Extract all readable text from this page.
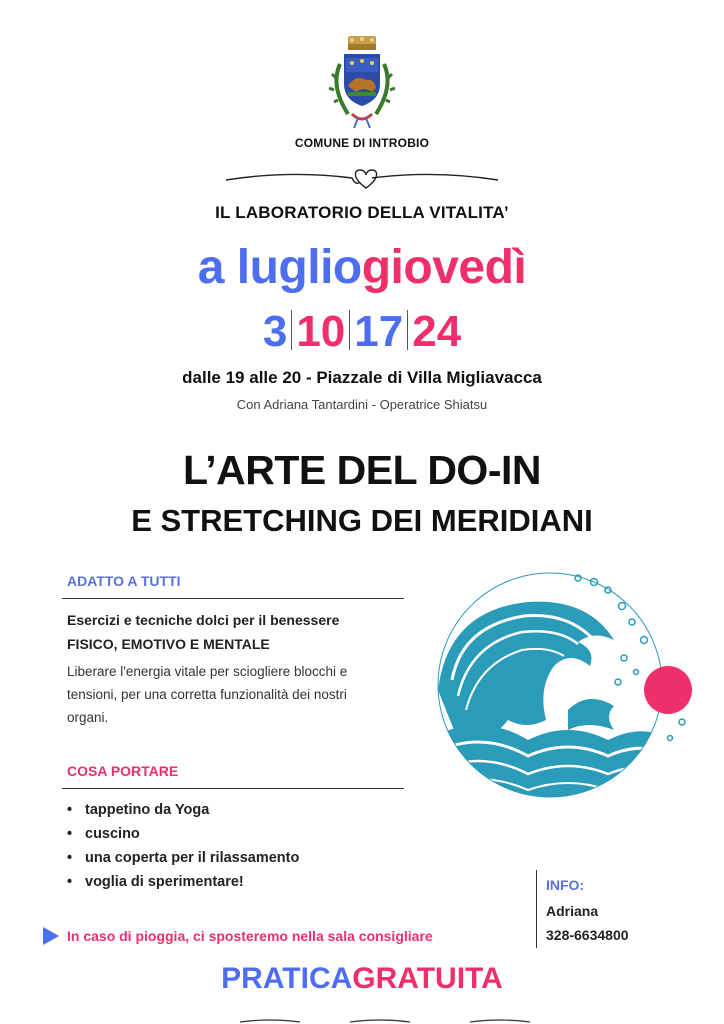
COMUNE DI INTROBIO
IL LABORATORIO DELLA VITALITA’
a lugliogiovedì
3 10 17 24
dalle 19 alle 20 - Piazzale di Villa Migliavacca
Con Adriana Tantardini - Operatrice Shiatsu
L’ARTE DEL DO-IN
E STRETCHING DEI MERIDIANI
ADATTO A TUTTI
Esercizi e tecniche dolci per il benessere
FISICO, EMOTIVO E MENTALE
Liberare l'energia vitale per sciogliere blocchi e tensioni, per una corretta funzionalità dei nostri organi.
COSA PORTARE
• tappetino da Yoga
• cuscino
• una coperta per il rilassamento
• voglia di sperimentare!	INFO:
Adriana
328-6634800
In caso di pioggia, ci sposteremo nella sala consigliare
PRATICAGRATUITA
